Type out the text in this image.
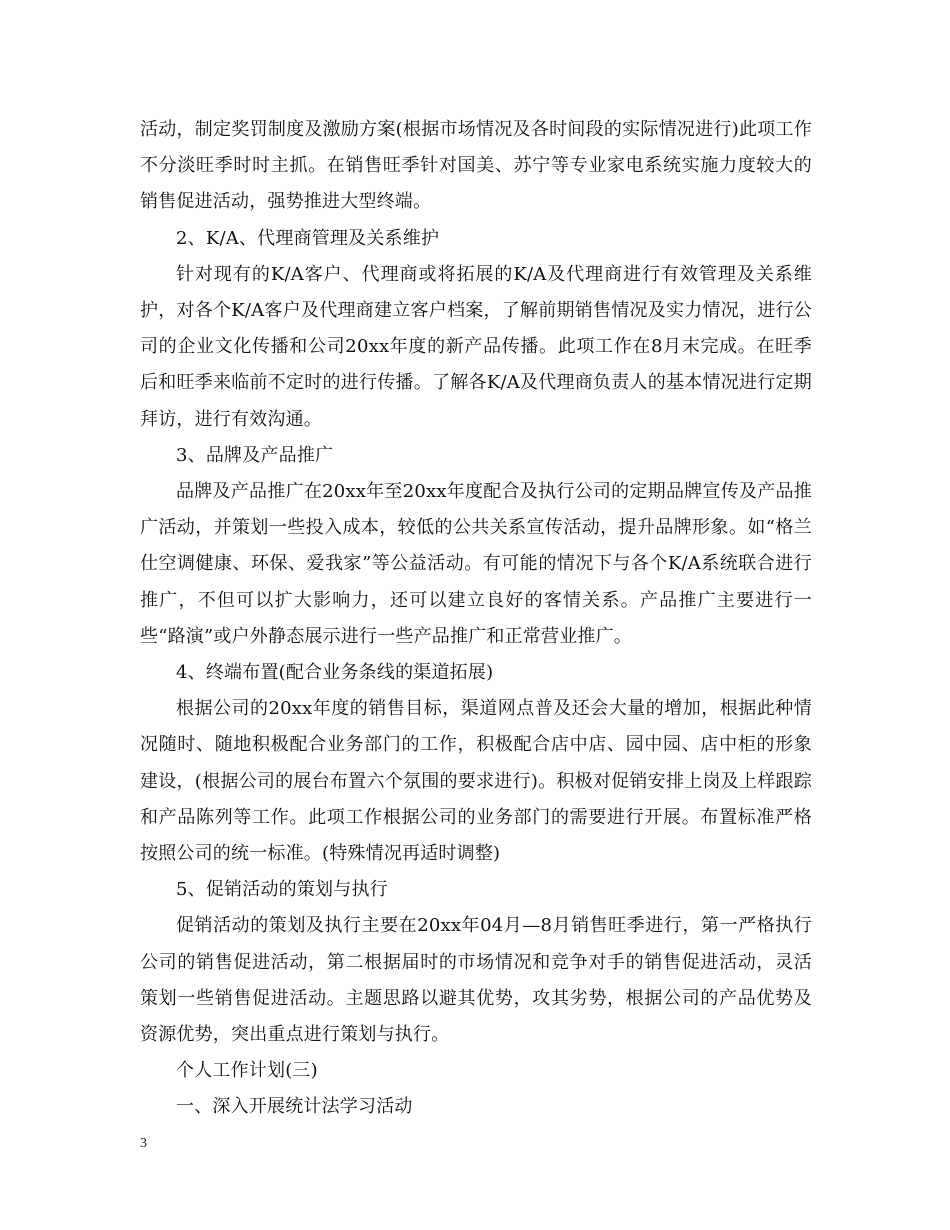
活动，制定奖罚制度及激励方案(根据市场情况及各时间段的实际情况进行)此项工作不分淡旺季时时主抓。在销售旺季针对国美、苏宁等专业家电系统实施力度较大的销售促进活动，强势推进大型终端。

2、K/A、代理商管理及关系维护

针对现有的K/A客户、代理商或将拓展的K/A及代理商进行有效管理及关系维护，对各个K/A客户及代理商建立客户档案，了解前期销售情况及实力情况，进行公司的企业文化传播和公司20xx年度的新产品传播。此项工作在8月末完成。在旺季后和旺季来临前不定时的进行传播。了解各K/A及代理商负责人的基本情况进行定期拜访，进行有效沟通。

3、品牌及产品推广

品牌及产品推广在20xx年至20xx年度配合及执行公司的定期品牌宣传及产品推广活动，并策划一些投入成本，较低的公共关系宣传活动，提升品牌形象。如“格兰仕空调健康、环保、爱我家”等公益活动。有可能的情况下与各个K/A系统联合进行推广，不但可以扩大影响力，还可以建立良好的客情关系。产品推广主要进行一些“路演”或户外静态展示进行一些产品推广和正常营业推广。

4、终端布置(配合业务条线的渠道拓展)

根据公司的20xx年度的销售目标，渠道网点普及还会大量的增加，根据此种情况随时、随地积极配合业务部门的工作，积极配合店中店、园中园、店中柜的形象建设，(根据公司的展台布置六个氛围的要求进行)。积极对促销安排上岗及上样跟踪和产品陈列等工作。此项工作根据公司的业务部门的需要进行开展。布置标准严格按照公司的统一标准。(特殊情况再适时调整)

5、促销活动的策划与执行

促销活动的策划及执行主要在20xx年04月—8月销售旺季进行，第一严格执行公司的销售促进活动，第二根据届时的市场情况和竞争对手的销售促进活动，灵活策划一些销售促进活动。主题思路以避其优势，攻其劣势，根据公司的产品优势及资源优势，突出重点进行策划与执行。

个人工作计划(三)

一、深入开展统计法学习活动

3
